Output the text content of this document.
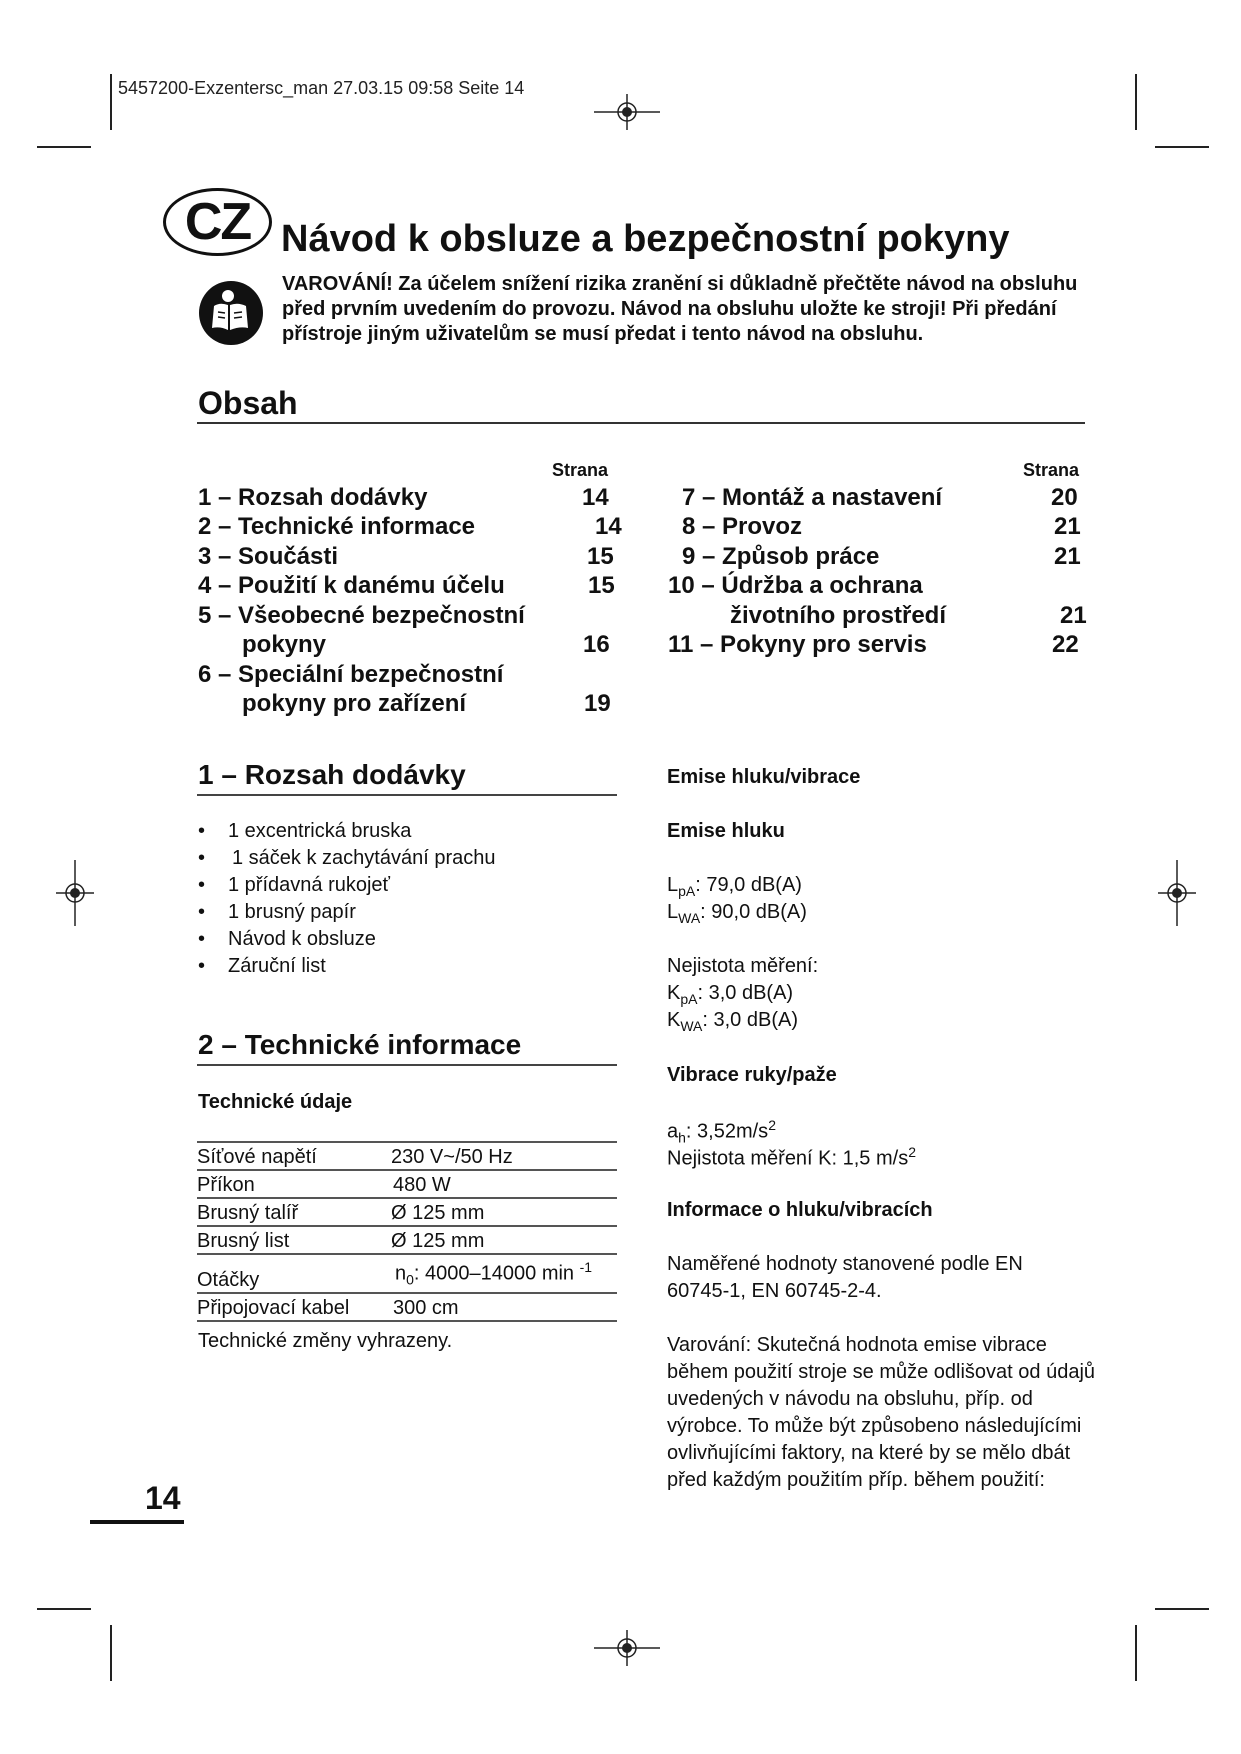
5457200-Exzentersc_man 27.03.15 09:58 Seite 14
CZ Návod k obsluze a bezpečnostní pokyny
VAROVÁNÍ! Za účelem snížení rizika zranění si důkladně přečtěte návod na obsluhu před prvním uvedením do provozu. Návod na obsluhu uložte ke stroji! Při předání přístroje jiným uživatelům se musí předat i tento návod na obsluhu.
Obsah
Strana	Strana
1 – Rozsah dodávky	14
2 – Technické informace	14
3 – Součásti	15
4 – Použití k danému účelu	15
5 – Všeobecné bezpečnostní
pokyny	16
6 – Speciální bezpečnostní
pokyny pro zařízení	19
7 – Montáž a nastavení	20
8 – Provoz	21
9 – Způsob práce	21
10 – Údržba a ochrana
životního prostředí	21
11 – Pokyny pro servis	22
1 – Rozsah dodávky
• 1 excentrická bruska
• 1 sáček k zachytávání prachu
• 1 přídavná rukojeť
• 1 brusný papír
• Návod k obsluze
• Záruční list
2 – Technické informace
Technické údaje
Síťové napětí	230 V~/50 Hz
Příkon	480 W
Brusný talíř	Ø 125 mm
Brusný list	Ø 125 mm
Otáčky	$n_0$: 4000–14000 min $^{-1}$
Připojovací kabel	300 cm
Technické změny vyhrazeny.
Emise hluku/vibrace
Emise hluku
$L_{pA}$: 79,0 dB(A)
$L_{WA}$: 90,0 dB(A)
Nejistota měření:
$K_{pA}$: 3,0 dB(A)
$K_{WA}$: 3,0 dB(A)
Vibrace ruky/paže
$a_h$: $3,52m/s^2$
Nejistota měření K: 1,5 $m/s^2$
Informace o hluku/vibracích
Naměřené hodnoty stanovené podle EN 60745-1, EN 60745-2-4.
Varování: Skutečná hodnota emise vibrace během použití stroje se může odlišovat od údajů uvedených v návodu na obsluhu, příp. od výrobce. To může být způsobeno následujícími ovlivňujícími faktory, na které by se mělo dbát před každým použitím příp. během použití:
14
